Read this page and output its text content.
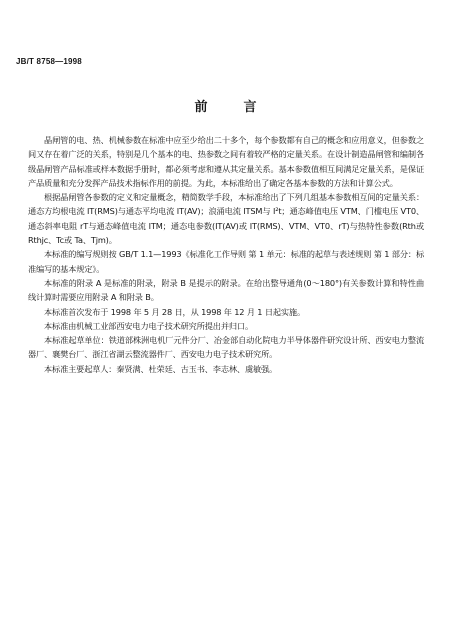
JB/T 8758—1998
前言

晶闸管的电、热、机械参数在标准中应至少给出二十多个，每个参数都有自己的概念和应用意义，但参数之间又存在着广泛的关系，特别是几个基本的电、热参数之间有着较严格的定量关系。在设计制造晶闸管和编制各级晶闸管产品标准或样本数据手册时，都必须考虑和遵从其定量关系。基本参数值相互间满足定量关系，是保证产品质量和充分发挥产品技术指标作用的前提。为此，本标准给出了确定各基本参数的方法和计算公式。

根据晶闸管各参数的定义和定量概念，精简数学手段，本标准给出了下列几组基本参数相互间的定量关系：通态方均根电流 IT(RMS)与通态平均电流 IT(AV)；浪涌电流 ITSM与 I²t；通态峰值电压 VTM、门槛电压 VT0、通态斜率电阻 rT与通态峰值电流 ITM；通态电参数(IT(AV)或 IT(RMS)、VTM、VT0、rT)与热特性参数(Rth或 Rthjc、Tc或 Ta、Tjm)。

本标准的编写规则按 GB/T 1.1—1993《标准化工作导则 第 1 单元：标准的起草与表述规则 第 1 部分：标准编写的基本规定》。

本标准的附录 A 是标准的附录，附录 B 是提示的附录。在给出整导通角(0～180°)有关参数计算和特性曲线计算时需要应用附录 A 和附录 B。

本标准首次发布于 1998 年 5 月 28 日，从 1998 年 12 月 1 日起实施。

本标准由机械工业部西安电力电子技术研究所提出并归口。

本标准起草单位：铁道部株洲电机厂元件分厂、冶金部自动化院电力半导体器件研究设计所、西安电力整流器厂、襄樊台厂、浙江省湖云整流器件厂、西安电力电子技术研究所。

本标准主要起草人：秦贤满、杜荣廷、古玉书、李志林、虞敏强。
